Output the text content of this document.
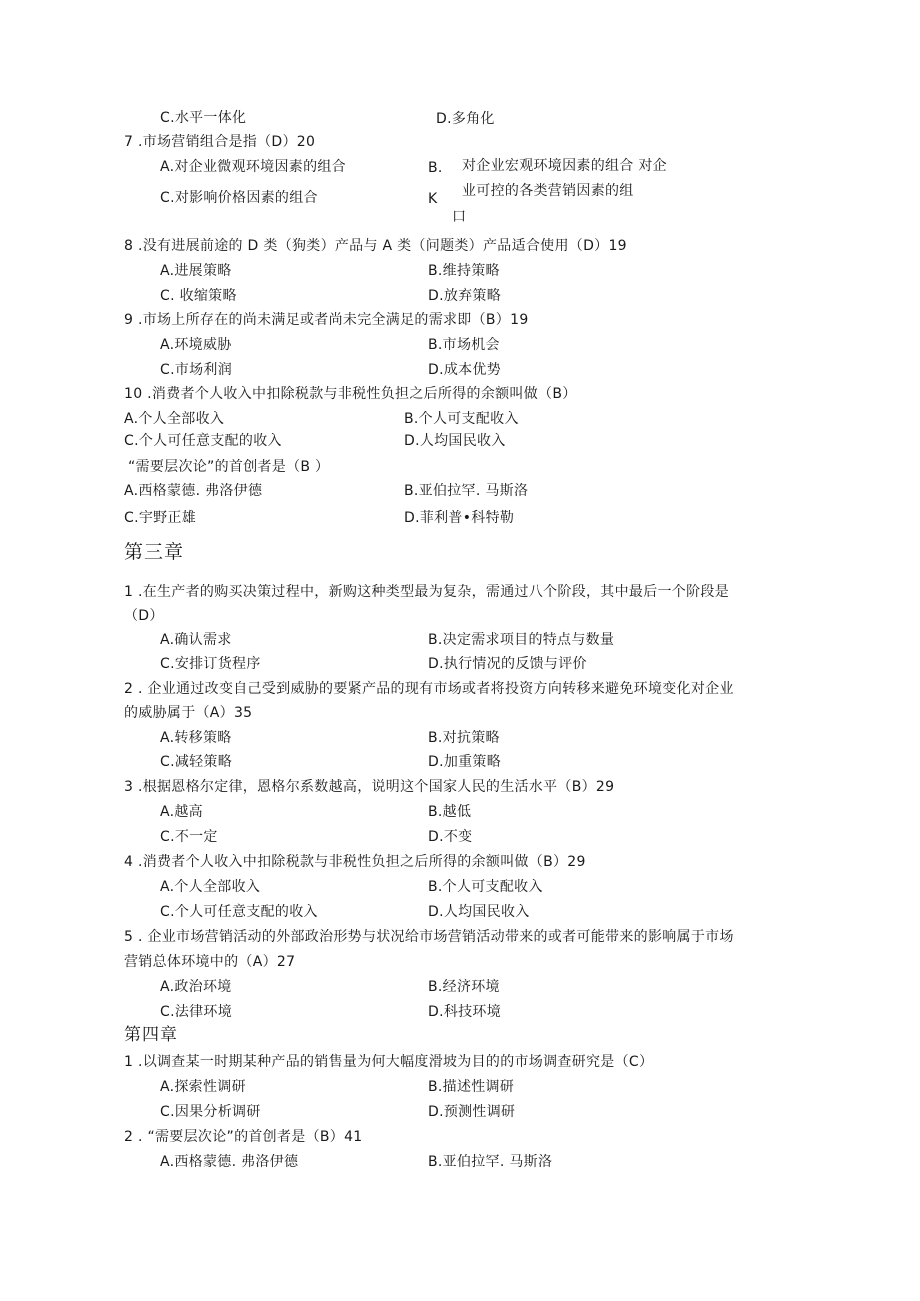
C.水平一体化	D.多角化
7 .市场营销组合是指（D）20
A.对企业微观环境因素的组合	B. 对企业宏观环境因素的组合 对企
C.对影响价格因素的组合	K 业可控的各类营销因素的组
口
8 .没有进展前途的 D 类（狗类）产品与 A 类（问题类）产品适合使用（D）19
A.进展策略	B.维持策略
C. 收缩策略	D.放弃策略
9 .市场上所存在的尚未满足或者尚未完全满足的需求即（B）19
A.环境威胁	B.市场机会
C.市场利润	D.成本优势
10 .消费者个人收入中扣除税款与非税性负担之后所得的余额叫做（B）
A.个人全部收入	B.个人可支配收入
C.个人可任意支配的收入	D.人均国民收入
“需要层次论”的首创者是（B ）
A.西格蒙德. 弗洛伊德	B.亚伯拉罕. 马斯洛
C.宇野正雄	D.菲利普•科特勒
第三章
1 .在生产者的购买决策过程中，新购这种类型最为复杂，需通过八个阶段，其中最后一个阶段是
（D）
A.确认需求	B.决定需求项目的特点与数量
C.安排订货程序	D.执行情况的反馈与评价
2 . 企业通过改变自己受到威胁的要紧产品的现有市场或者将投资方向转移来避免环境变化对企业
的威胁属于（A）35
A.转移策略	B.对抗策略
C.减轻策略	D.加重策略
3 .根据恩格尔定律，恩格尔系数越高，说明这个国家人民的生活水平（B）29
A.越高	B.越低
C.不一定	D.不变
4 .消费者个人收入中扣除税款与非税性负担之后所得的余额叫做（B）29
A.个人全部收入	B.个人可支配收入
C.个人可任意支配的收入	D.人均国民收入
5 . 企业市场营销活动的外部政治形势与状况给市场营销活动带来的或者可能带来的影响属于市场
营销总体环境中的（A）27
A.政治环境	B.经济环境
C.法律环境	D.科技环境
第四章
1 .以调查某一时期某种产品的销售量为何大幅度滑坡为目的的市场调查研究是（C）
A.探索性调研	B.描述性调研
C.因果分析调研	D.预测性调研
2 . “需要层次论”的首创者是（B）41
A.西格蒙德. 弗洛伊德	B.亚伯拉罕. 马斯洛
